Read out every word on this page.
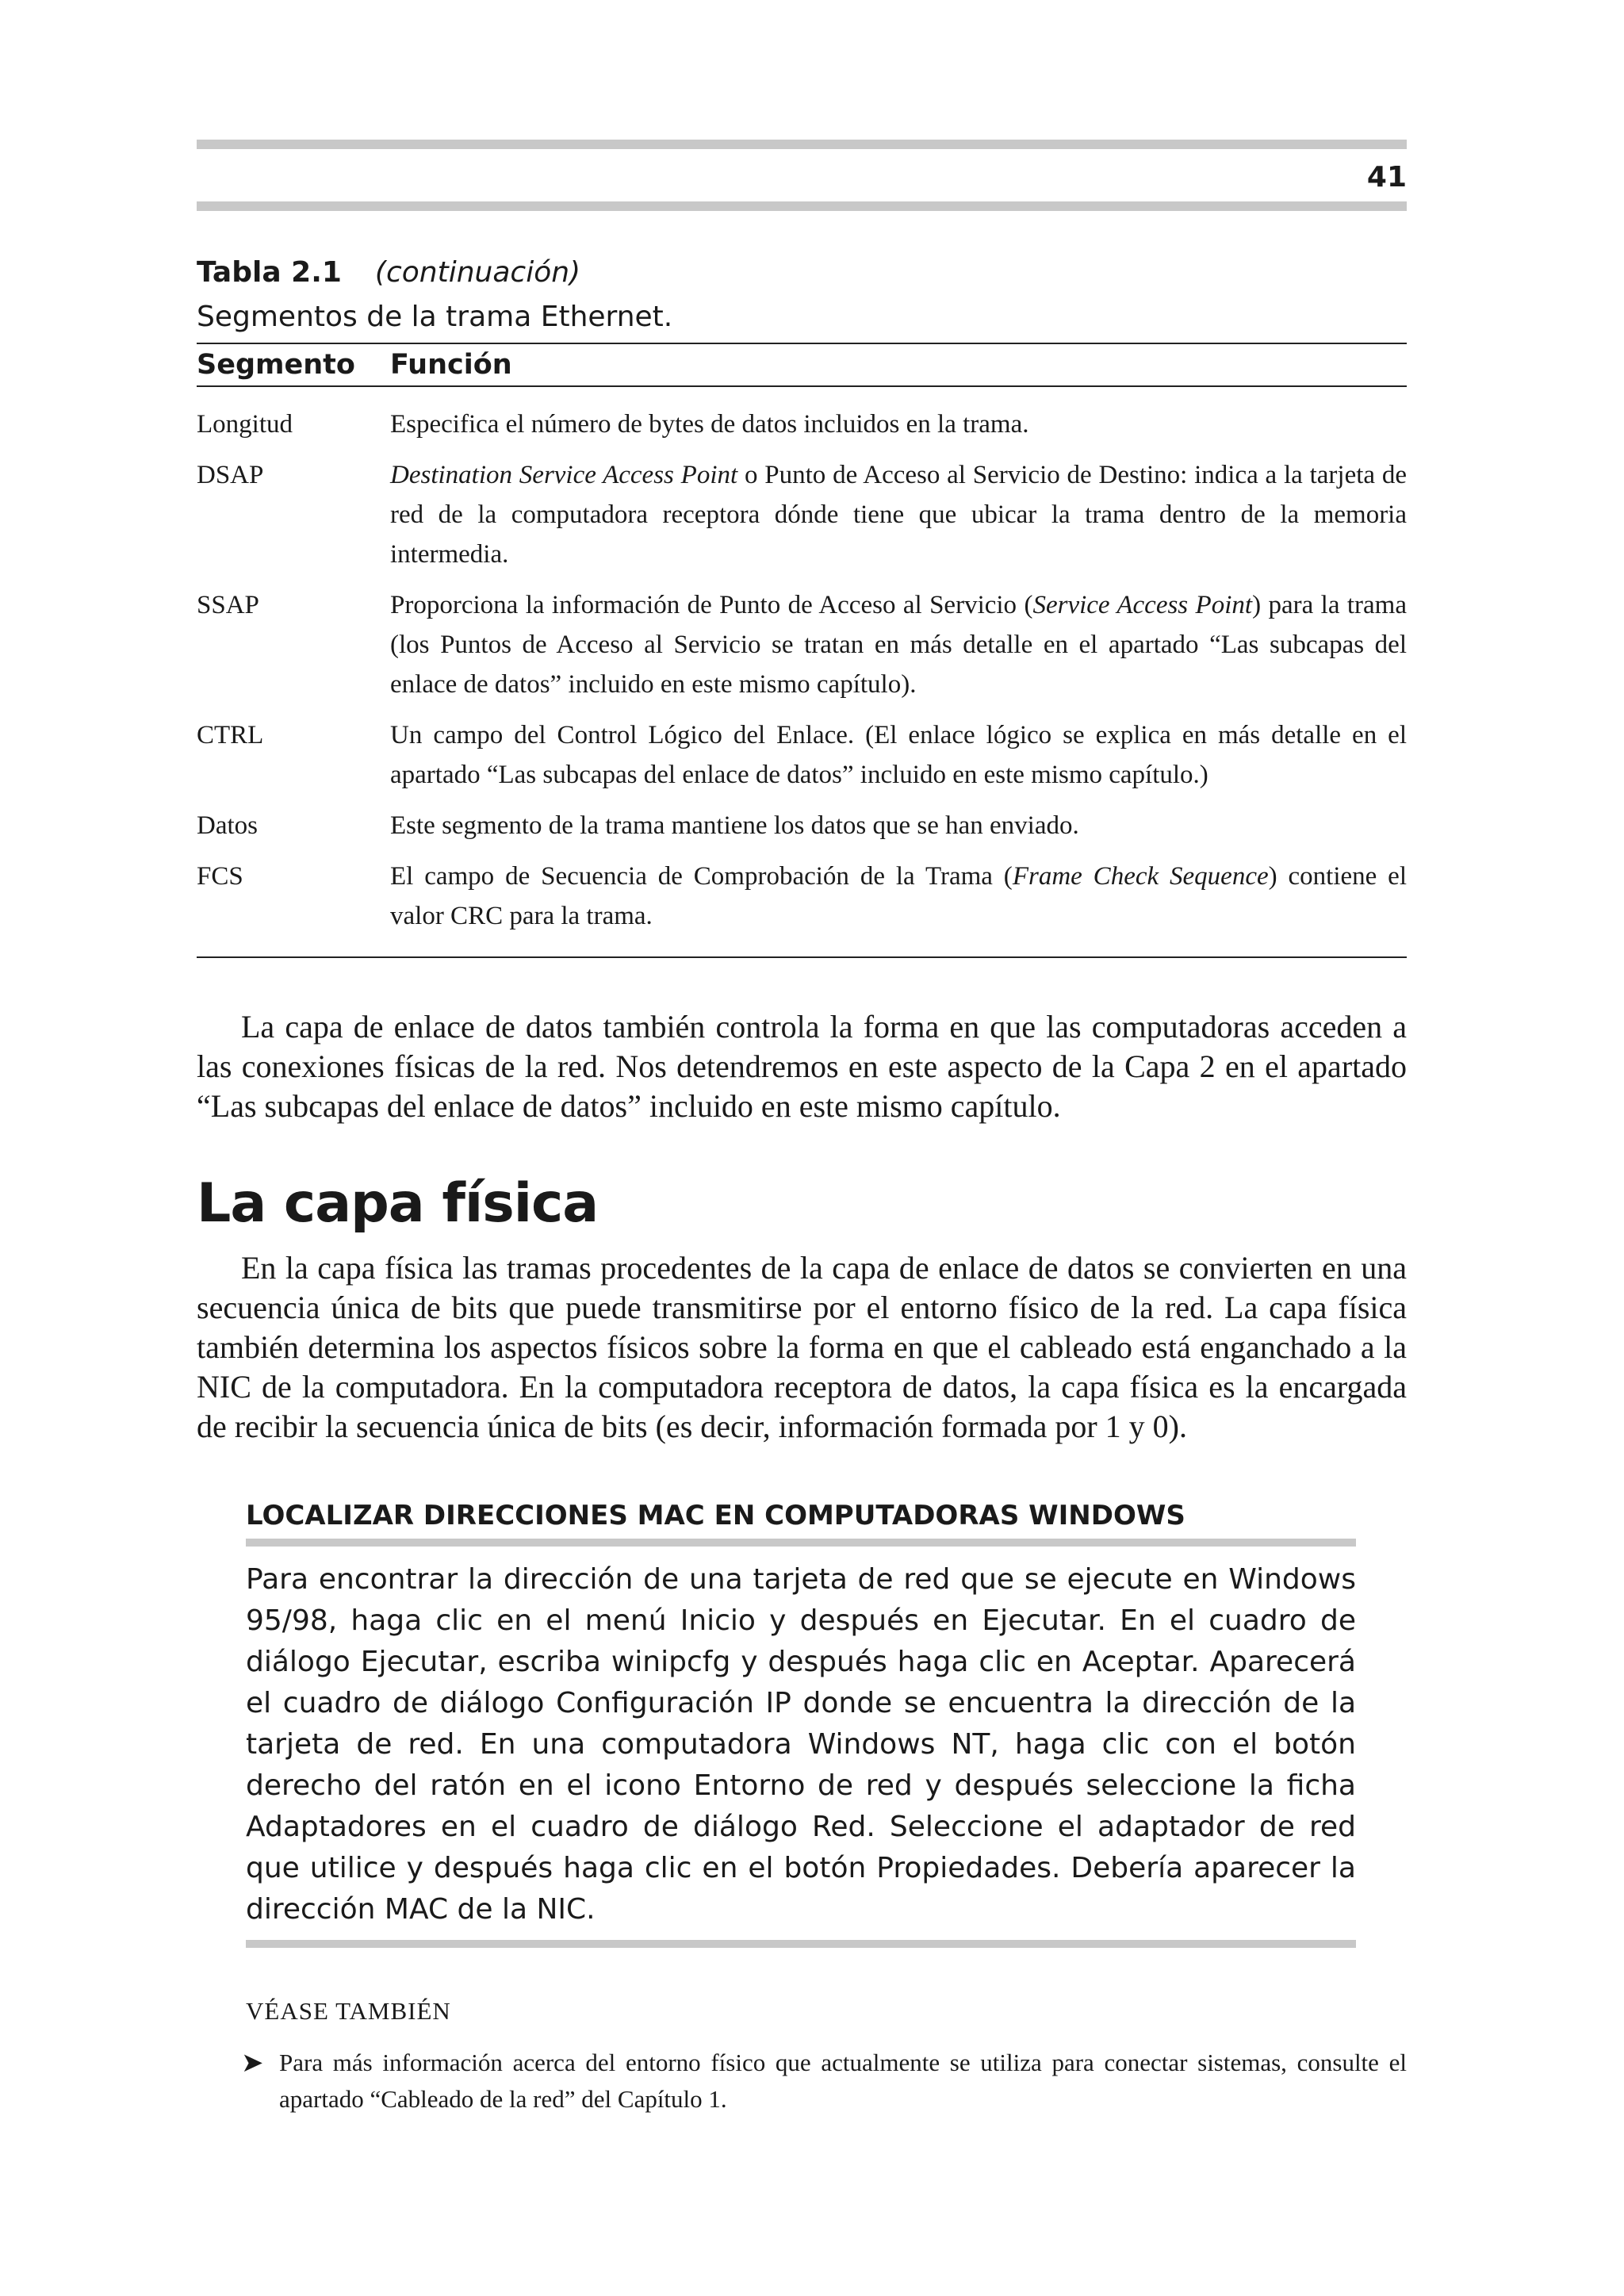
41
Tabla 2.1 (continuación)
Segmentos de la trama Ethernet.
Segmento	Función
Longitud	Especifica el número de bytes de datos incluidos en la trama.
DSAP	Destination Service Access Point o Punto de Acceso al Servicio de Destino: indica a la tarjeta de red de la computadora receptora dónde tiene que ubicar la trama dentro de la memoria intermedia.
SSAP	Proporciona la información de Punto de Acceso al Servicio (Service Access Point) para la trama (los Puntos de Acceso al Servicio se tratan en más detalle en el apartado “Las subcapas del enlace de datos” incluido en este mismo capítulo).
CTRL	Un campo del Control Lógico del Enlace. (El enlace lógico se explica en más detalle en el apartado “Las subcapas del enlace de datos” incluido en este mismo capítulo.)
Datos	Este segmento de la trama mantiene los datos que se han enviado.
FCS	El campo de Secuencia de Comprobación de la Trama (Frame Check Sequence) contiene el valor CRC para la trama.

La capa de enlace de datos también controla la forma en que las computadoras acceden a las conexiones físicas de la red. Nos detendremos en este aspecto de la Capa 2 en el apartado “Las subcapas del enlace de datos” incluido en este mismo capítulo.

La capa física

En la capa física las tramas procedentes de la capa de enlace de datos se convierten en una secuencia única de bits que puede transmitirse por el entorno físico de la red. La capa física también determina los aspectos físicos sobre la forma en que el cableado está enganchado a la NIC de la computadora. En la computadora receptora de datos, la capa física es la encargada de recibir la secuencia única de bits (es decir, información formada por 1 y 0).

LOCALIZAR DIRECCIONES MAC EN COMPUTADORAS WINDOWS
Para encontrar la dirección de una tarjeta de red que se ejecute en Windows 95/98, haga clic en el menú Inicio y después en Ejecutar. En el cuadro de diálogo Ejecutar, escriba winipcfg y después haga clic en Aceptar. Aparecerá el cuadro de diálogo Configuración IP donde se encuentra la dirección de la tarjeta de red. En una computadora Windows NT, haga clic con el botón derecho del ratón en el icono Entorno de red y después seleccione la ficha Adaptadores en el cuadro de diálogo Red. Seleccione el adaptador de red que utilice y después haga clic en el botón Propiedades. Debería aparecer la dirección MAC de la NIC.
VÉASE TAMBIÉN
➤ Para más información acerca del entorno físico que actualmente se utiliza para conectar sistemas, consulte el apartado “Cableado de la red” del Capítulo 1.
